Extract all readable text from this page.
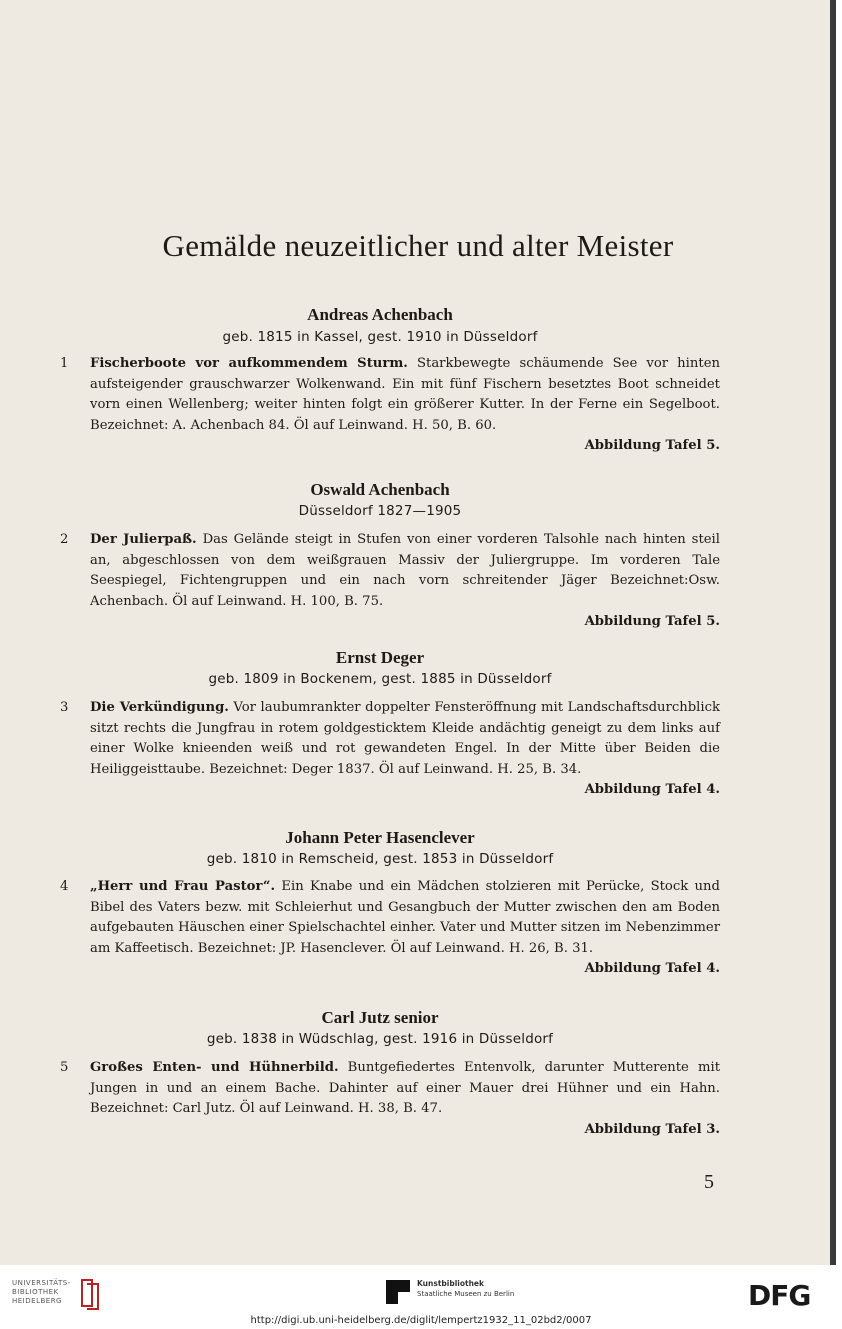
Gemälde neuzeitlicher und alter Meister
Andreas Achenbach
geb. 1815 in Kassel, gest. 1910 in Düsseldorf
1	Fischerboote vor aufkommendem Sturm. Starkbewegte schäumende See vor hinten aufsteigender grauschwarzer Wolkenwand. Ein mit fünf Fischern besetztes Boot schneidet vorn einen Wellenberg; weiter hinten folgt ein größerer Kutter. In der Ferne ein Segelboot. Bezeichnet: A. Achenbach 84. Öl auf Leinwand. H. 50, B. 60.
Abbildung Tafel 5.
Oswald Achenbach
Düsseldorf 1827—1905
2	Der Julierpaß. Das Gelände steigt in Stufen von einer vorderen Talsohle nach hinten steil an, abgeschlossen von dem weißgrauen Massiv der Juliergruppe. Im vorderen Tale Seespiegel, Fichtengruppen und ein nach vorn schreitender Jäger Bezeichnet:Osw. Achenbach. Öl auf Leinwand. H. 100, B. 75.
Abbildung Tafel 5.
Ernst Deger
geb. 1809 in Bockenem, gest. 1885 in Düsseldorf
3	Die Verkündigung. Vor laubumrankter doppelter Fensteröffnung mit Landschaftsdurchblick sitzt rechts die Jungfrau in rotem goldgesticktem Kleide andächtig geneigt zu dem links auf einer Wolke knieenden weiß und rot gewandeten Engel. In der Mitte über Beiden die Heiliggeisttaube. Bezeichnet: Deger 1837. Öl auf Leinwand. H. 25, B. 34.
Abbildung Tafel 4.
Johann Peter Hasenclever
geb. 1810 in Remscheid, gest. 1853 in Düsseldorf
4	„Herr und Frau Pastor“. Ein Knabe und ein Mädchen stolzieren mit Perücke, Stock und Bibel des Vaters bezw. mit Schleierhut und Gesangbuch der Mutter zwischen den am Boden aufgebauten Häuschen einer Spielschachtel einher. Vater und Mutter sitzen im Nebenzimmer am Kaffeetisch. Bezeichnet: JP. Hasenclever. Öl auf Leinwand. H. 26, B. 31.
Abbildung Tafel 4.
Carl Jutz senior
geb. 1838 in Wüdschlag, gest. 1916 in Düsseldorf
5	Großes Enten- und Hühnerbild. Buntgefiedertes Entenvolk, darunter Mutterente mit Jungen in und an einem Bache. Dahinter auf einer Mauer drei Hühner und ein Hahn. Bezeichnet: Carl Jutz. Öl auf Leinwand. H. 38, B. 47.
Abbildung Tafel 3.
5
UNIVERSITÄTS-
BIBLIOTHEK
HEIDELBERG
Kunstbibliothek
Staatliche Museen zu Berlin	DFG
http://digi.ub.uni-heidelberg.de/diglit/lempertz1932_11_02bd2/0007
